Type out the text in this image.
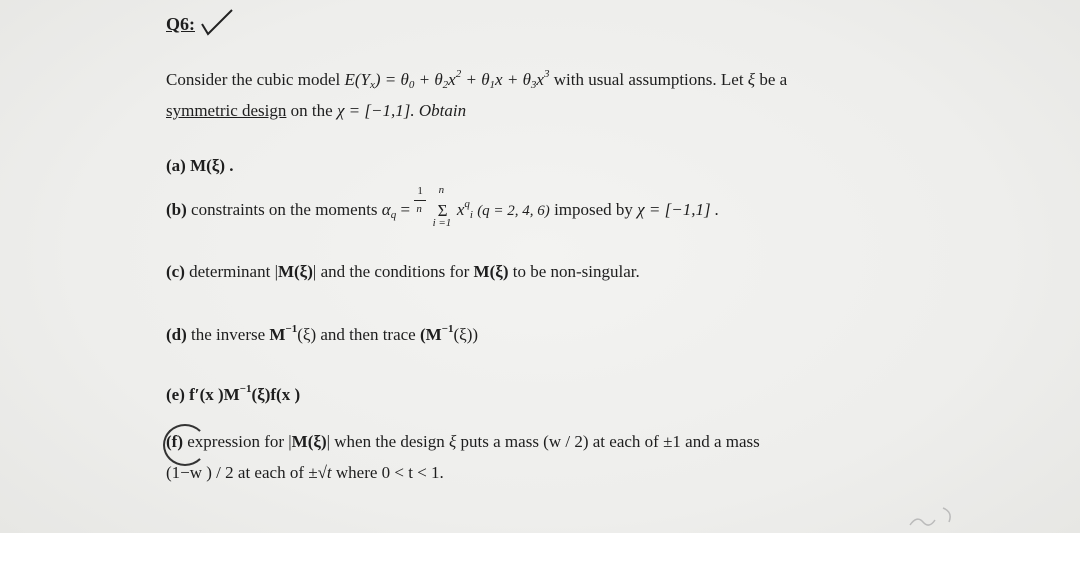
Q6:
Consider the cubic model $E(Y_x) = \theta_0 + \theta_2x^2 + \theta_1x + \theta_3x^3$ with usual assumptions. Let ξ be a
symmetric design on the χ = [−1,1]. Obtain
(a) M(ξ) .
(b) constraints on the moments $\alpha_q = \frac{1}{n}$

n
Σ
i =1
$x^q_i$ (q = 2, 4, 6) imposed by χ = [−1,1] .
(c) determinant |M(ξ)| and the conditions for M(ξ) to be non-singular.
(d) the inverse $M^{-1}(\xi)$ and then trace $(M^{-1}(\xi))$
(e) f′(x )$M^{-1}(\xi)f(x$ )
(f) expression for |M(ξ)| when the design ξ puts a mass (w / 2) at each of ±1 and a mass
(1−w ) / 2 at each of ±√t where 0 < t < 1.
